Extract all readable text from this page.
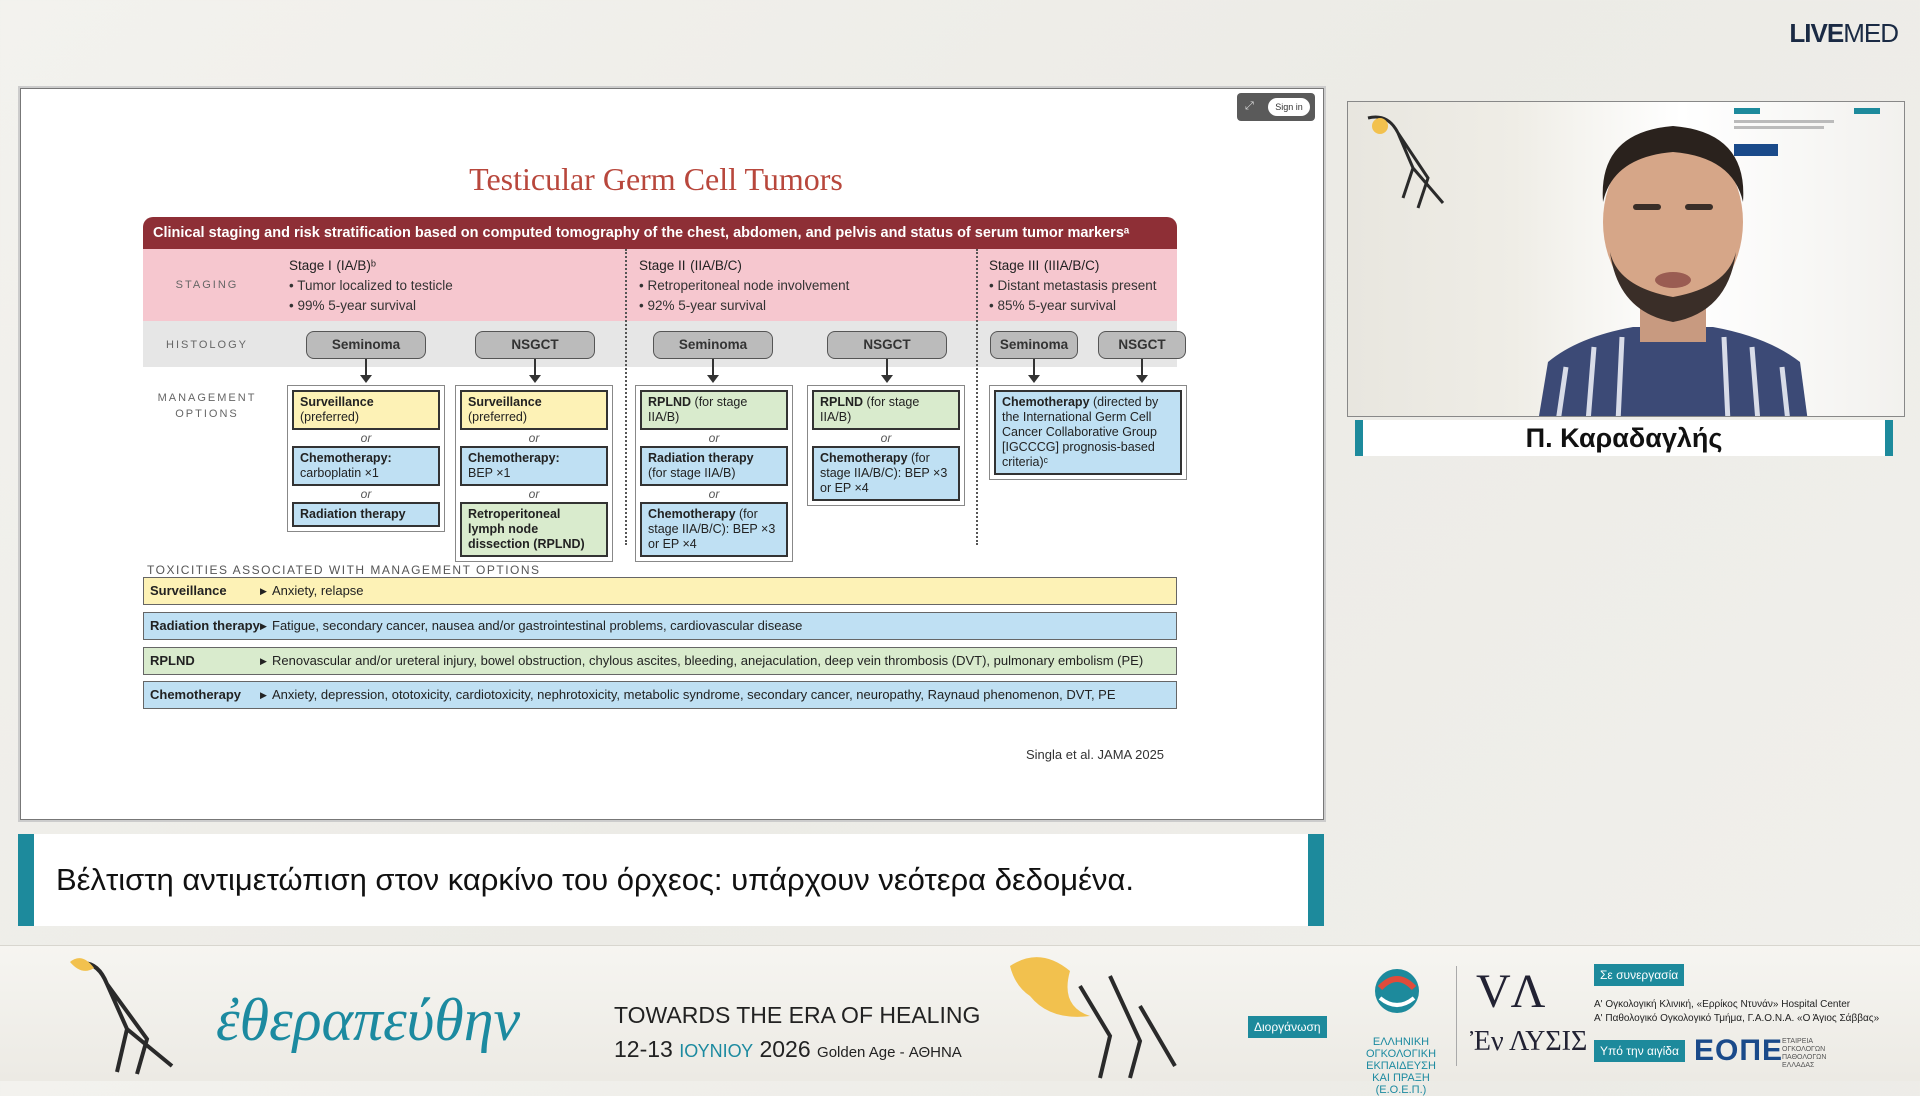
LIVEMED
⤢	Sign in
Testicular Germ Cell Tumors
Clinical staging and risk stratification based on computed tomography of the chest, abdomen, and pelvis and status of serum tumor markersᵃ
STAGING
HISTOLOGY
MANAGEMENT
OPTIONS
Stage I (IA/B)ᵇ
• Tumor localized to testicle
• 99% 5-year survival
Stage II (IIA/B/C)
• Retroperitoneal node involvement
• 92% 5-year survival
Stage III (IIIA/B/C)
• Distant metastasis present
• 85% 5-year survival
Seminoma	NSGCT	Seminoma	NSGCT	Seminoma	NSGCT
Surveillance (preferred)
or
Chemotherapy:
carboplatin ×1
or
Radiation therapy
Surveillance (preferred)
or
Chemotherapy:
BEP ×1
or
Retroperitoneal lymph node dissection (RPLND)
RPLND (for stage IIA/B)
or
Radiation therapy
(for stage IIA/B)
or
Chemotherapy (for stage IIA/B/C): BEP ×3 or EP ×4
RPLND (for stage IIA/B)
or
Chemotherapy (for stage IIA/B/C): BEP ×3 or EP ×4
Chemotherapy (directed by the International Germ Cell Cancer Collaborative Group [IGCCCG] prognosis-based criteria)ᶜ
TOXICITIES ASSOCIATED WITH MANAGEMENT OPTIONS
Surveillance	▶ Anxiety, relapse
Radiation therapy ▶ Fatigue, secondary cancer, nausea and/or gastrointestinal problems, cardiovascular disease
RPLND	▶ Renovascular and/or ureteral injury, bowel obstruction, chylous ascites, bleeding, anejaculation, deep vein thrombosis (DVT), pulmonary embolism (PE)
Chemotherapy	▶ Anxiety, depression, ototoxicity, cardiotoxicity, nephrotoxicity, metabolic syndrome, secondary cancer, neuropathy, Raynaud phenomenon, DVT, PE
Singla et al. JAMA 2025
Π. Καραδαγλής
Βέλτιστη αντιμετώπιση στον καρκίνο του όρχεος: υπάρχουν νεότερα δεδομένα.
ἐθεραπεύθην	TOWARDS THE ERA OF HEALING
12-13 ΙΟΥΝΙΟΥ 2026 Golden Age - ΑΘΗΝΑ
Διοργάνωση
ΕΛΛΗΝΙΚΗ ΟΓΚΟΛΟΓΙΚΗ ΕΚΠΑΙΔΕΥΣΗ ΚΑΙ ΠΡΑΞΗ (Ε.Ο.Ε.Π.)
VΛ
Ἐν ΛΥΣΙΣ
Σε συνεργασία
Α' Ογκολογική Κλινική, «Ερρίκος Ντυνάν» Hospital Center
Α' Παθολογικό Ογκολογικό Τμήμα, Γ.Α.Ο.Ν.Α. «Ο Άγιος Σάββας»
Υπό την αιγίδα ΕΟΠΕ
ΕΤΑΙΡΕΙΑ ΟΓΚΟΛΟΓΩΝ ΠΑΘΟΛΟΓΩΝ ΕΛΛΑΔΑΣ
